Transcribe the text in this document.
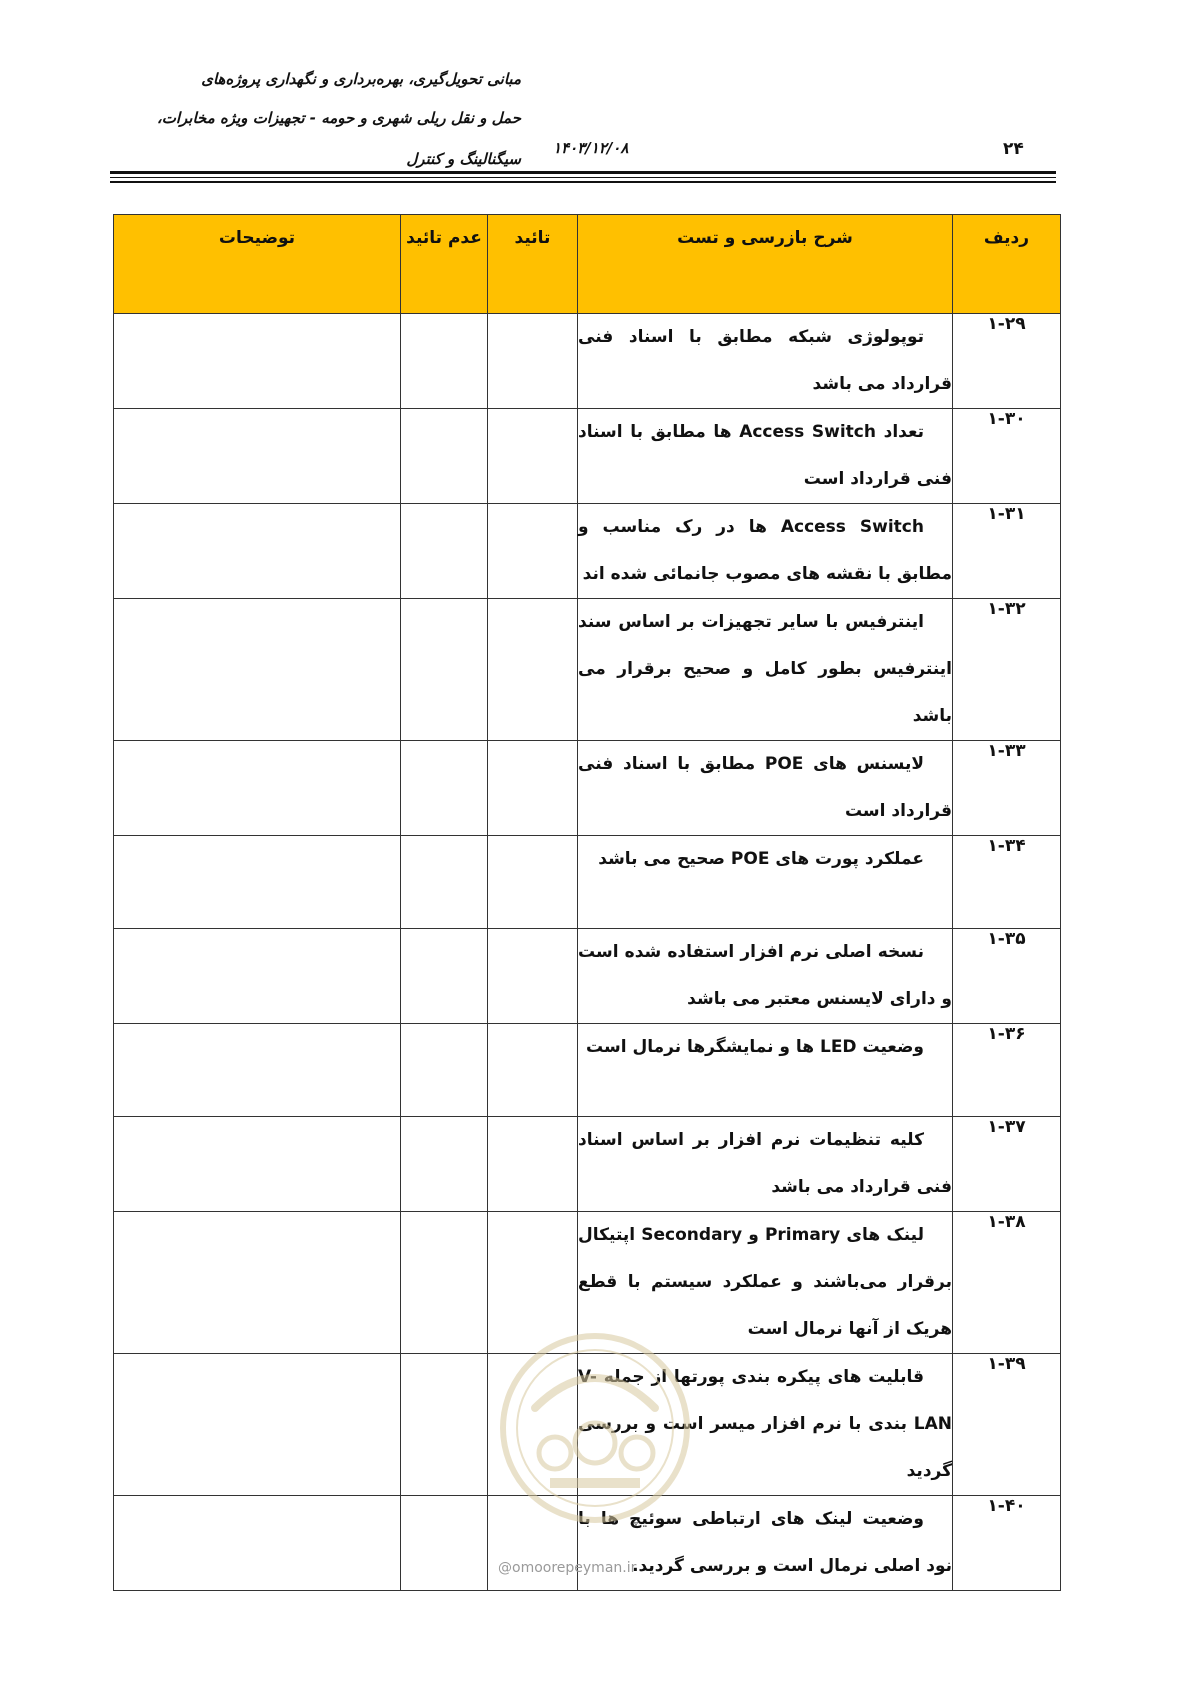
مبانی تحویل‌گیری، بهره‌برداری و نگهداری پروژه‌های
حمل و نقل ریلی شهری و حومه - تجهیزات ویژه مخابرات،
سیگنالینگ و کنترل
۱۴۰۳/۱۲/۰۸	۲۴
ردیف	شرح بازرسی و تست	تائید	عدم تائید	توضیحات
۱-۲۹	توپولوژی شبکه مطابق با اسناد فنی قرارداد می باشد			
۱-۳۰	تعداد Access Switch ها مطابق با اسناد فنی قرارداد است			
۱-۳۱	Access Switch ها در رک مناسب و مطابق با نقشه های مصوب جانمائی شده اند			
۱-۳۲	اینترفیس با سایر تجهیزات بر اساس سند اینترفیس بطور کامل و صحیح برقرار می باشد			
۱-۳۳	لایسنس های POE مطابق با اسناد فنی قرارداد است			
۱-۳۴	عملکرد پورت های POE صحیح می باشد			
۱-۳۵	نسخه اصلی نرم افزار استفاده شده است و دارای لایسنس معتبر می باشد			
۱-۳۶	وضعیت LED ها و نمایشگرها نرمال است			
۱-۳۷	کلیه تنظیمات نرم افزار بر اساس اسناد فنی قرارداد می باشد			
۱-۳۸	لینک های Primary و Secondary اپتیکال برقرار می‌باشند و عملکرد سیستم با قطع هریک از آنها نرمال است			
۱-۳۹	قابلیت های پیکره بندی پورتها از جمله V-LAN بندی با نرم افزار میسر است و بررسی گردید			
۱-۴۰	وضعیت لینک های ارتباطی سوئیچ ها با نود اصلی نرمال است و بررسی گردید.			
@omoorepeyman.ir
